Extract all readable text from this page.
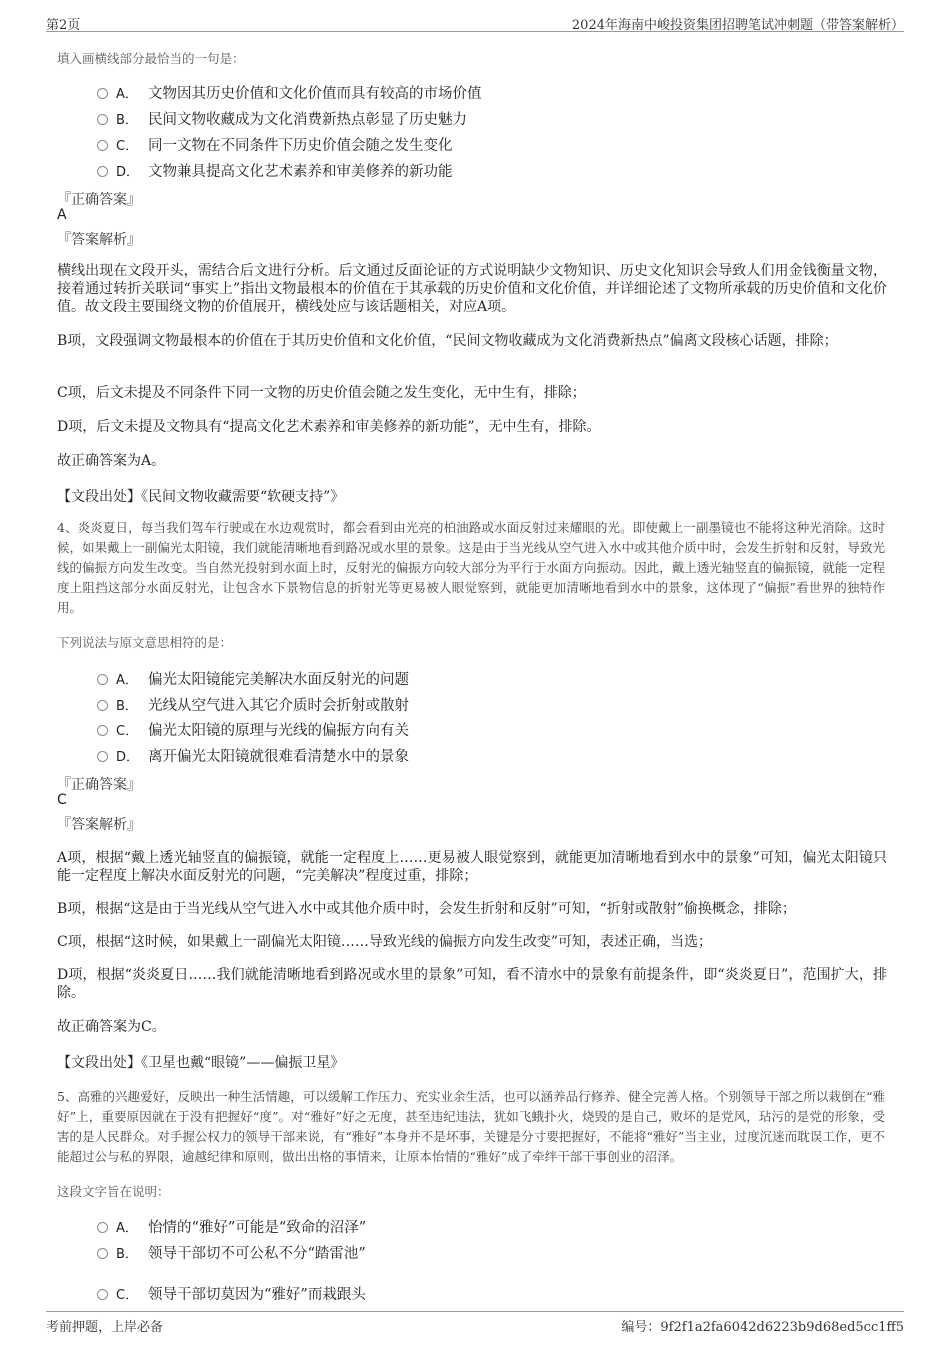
第2页	2024年海南中峻投资集团招聘笔试冲刺题（带答案解析）
填入画横线部分最恰当的一句是：
A． 文物因其历史价值和文化价值而具有较高的市场价值
B． 民间文物收藏成为文化消费新热点彰显了历史魅力
C． 同一文物在不同条件下历史价值会随之发生变化
D． 文物兼具提高文化艺术素养和审美修养的新功能
『正确答案』
A
『答案解析』
横线出现在文段开头，需结合后文进行分析。后文通过反面论证的方式说明缺少文物知识、历史文化知识会导致人们用金钱衡量文物，接着通过转折关联词“事实上”指出文物最根本的价值在于其承载的历史价值和文化价值，并详细论述了文物所承载的历史价值和文化价值。故文段主要围绕文物的价值展开，横线处应与该话题相关，对应A项。
B项，文段强调文物最根本的价值在于其历史价值和文化价值，“民间文物收藏成为文化消费新热点”偏离文段核心话题，排除；
C项，后文未提及不同条件下同一文物的历史价值会随之发生变化，无中生有，排除；
D项，后文未提及文物具有“提高文化艺术素养和审美修养的新功能”，无中生有，排除。
故正确答案为A。
【文段出处】《民间文物收藏需要“软硬支持”》
4、炎炎夏日，每当我们驾车行驶或在水边观赏时，都会看到由光亮的柏油路或水面反射过来耀眼的光。即使戴上一副墨镜也不能将这种光消除。这时候，如果戴上一副偏光太阳镜，我们就能清晰地看到路况或水里的景象。这是由于当光线从空气进入水中或其他介质中时，会发生折射和反射，导致光线的偏振方向发生改变。当自然光投射到水面上时，反射光的偏振方向较大部分为平行于水面方向振动。因此，戴上透光轴竖直的偏振镜，就能一定程度上阻挡这部分水面反射光，让包含水下景物信息的折射光等更易被人眼觉察到，就能更加清晰地看到水中的景象，这体现了“偏振”看世界的独特作用。
下列说法与原文意思相符的是：
A． 偏光太阳镜能完美解决水面反射光的问题
B． 光线从空气进入其它介质时会折射或散射
C． 偏光太阳镜的原理与光线的偏振方向有关
D． 离开偏光太阳镜就很难看清楚水中的景象
『正确答案』
C
『答案解析』
A项，根据“戴上透光轴竖直的偏振镜，就能一定程度上……更易被人眼觉察到，就能更加清晰地看到水中的景象”可知，偏光太阳镜只能一定程度上解决水面反射光的问题，“完美解决”程度过重，排除；
B项，根据“这是由于当光线从空气进入水中或其他介质中时，会发生折射和反射”可知，“折射或散射”偷换概念，排除；
C项，根据“这时候，如果戴上一副偏光太阳镜……导致光线的偏振方向发生改变”可知，表述正确，当选；
D项，根据“炎炎夏日……我们就能清晰地看到路况或水里的景象”可知，看不清水中的景象有前提条件，即“炎炎夏日”，范围扩大，排除。
故正确答案为C。
【文段出处】《卫星也戴“眼镜”——偏振卫星》
5、高雅的兴趣爱好，反映出一种生活情趣，可以缓解工作压力、充实业余生活，也可以涵养品行修养、健全完善人格。个别领导干部之所以栽倒在“雅好”上，重要原因就在于没有把握好“度”。对“雅好”好之无度，甚至违纪违法，犹如飞蛾扑火，烧毁的是自己，败坏的是党风，玷污的是党的形象，受害的是人民群众。对手握公权力的领导干部来说，有“雅好”本身并不是坏事，关键是分寸要把握好，不能将“雅好”当主业，过度沉迷而耽误工作，更不能超过公与私的界限，逾越纪律和原则，做出出格的事情来，让原本怡情的“雅好”成了牵绊干部干事创业的沼泽。
这段文字旨在说明：
A． 怡情的“雅好”可能是“致命的沼泽”
B． 领导干部切不可公私不分“踏雷池”
C． 领导干部切莫因为“雅好”而栽跟头
考前押题，上岸必备	编号：9f2f1a2fa6042d6223b9d68ed5cc1ff5
